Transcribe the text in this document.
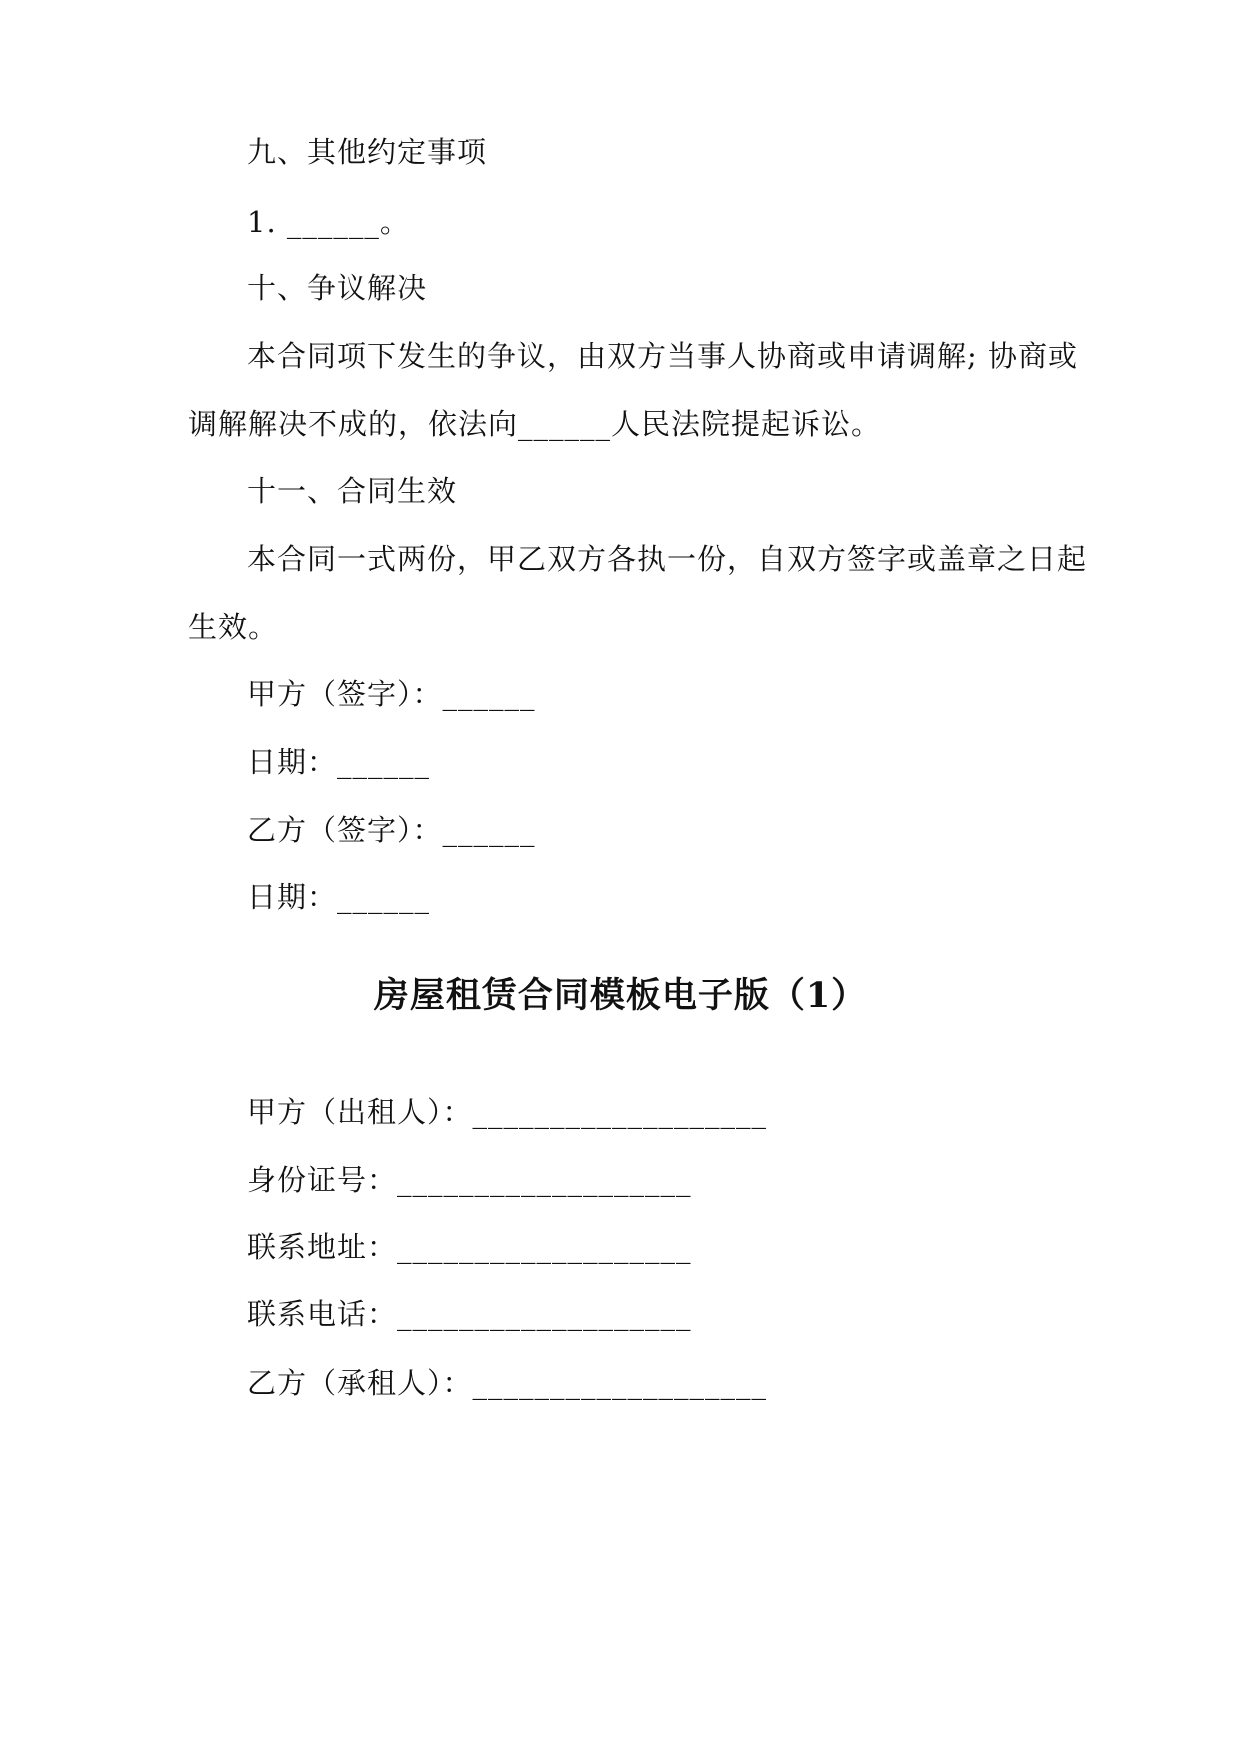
九、其他约定事项
1. ______。
十、争议解决
本合同项下发生的争议，由双方当事人协商或申请调解; 协商或
调解解决不成的，依法向______人民法院提起诉讼。
十一、合同生效
本合同一式两份，甲乙双方各执一份，自双方签字或盖章之日起
生效。
甲方（签字）：______
日期：______
乙方（签字）：______
日期：______
房屋租赁合同模板电子版（1）
甲方（出租人）：___________________
身份证号：___________________
联系地址：___________________
联系电话：___________________
乙方（承租人）：___________________
